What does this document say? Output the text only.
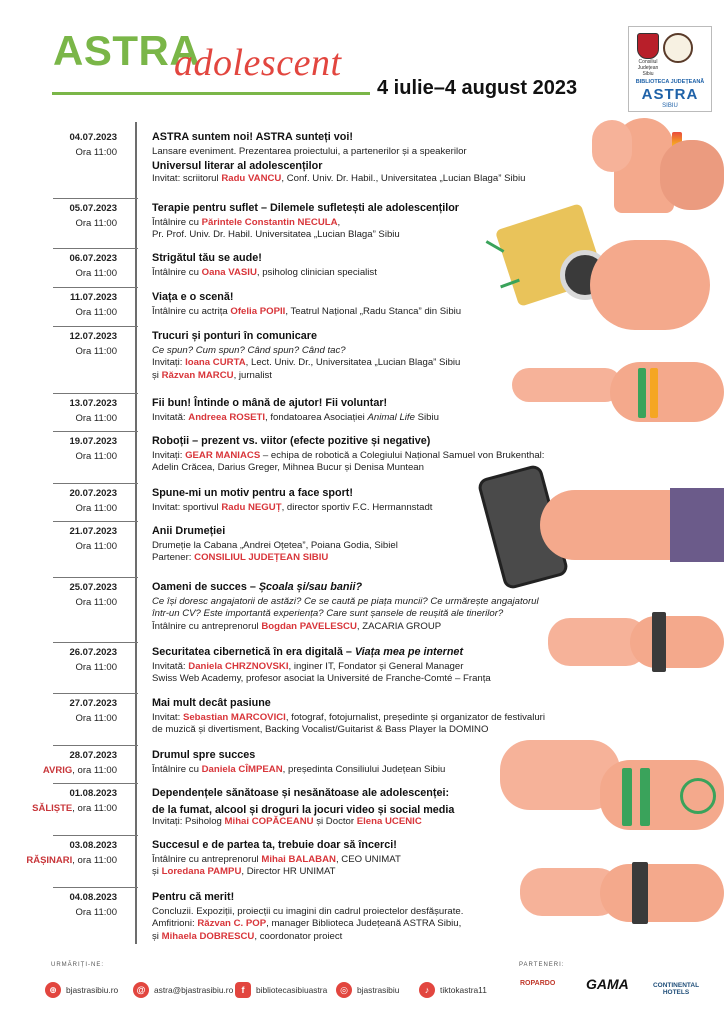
ASTRA
adolescent
4 iulie–4 august 2023
Consiliul Județean Sibiu
BIBLIOTECA JUDEȚEANĂ
ASTRA
SIBIU
04.07.2023
Ora 11:00
ASTRA suntem noi! ASTRA sunteți voi!
Lansare eveniment. Prezentarea proiectului, a partenerilor și a speakerilor
Universul literar al adolescenților
Invitat: scriitorul Radu VANCU, Conf. Univ. Dr. Habil., Universitatea „Lucian Blaga” Sibiu
05.07.2023
Ora 11:00
Terapie pentru suflet – Dilemele sufletești ale adolescenților
Întâlnire cu Părintele Constantin NECULA,
Pr. Prof. Univ. Dr. Habil. Universitatea „Lucian Blaga” Sibiu
06.07.2023
Ora 11:00
Strigătul tău se aude!
Întâlnire cu Oana VASIU, psiholog clinician specialist
11.07.2023
Ora 11:00
Viața e o scenă!
Întâlnire cu actrița Ofelia POPII, Teatrul Național „Radu Stanca” din Sibiu
12.07.2023
Ora 11:00
Trucuri și ponturi în comunicare
Ce spun? Cum spun? Când spun? Când tac?
Invitați: Ioana CURTA, Lect. Univ. Dr., Universitatea „Lucian Blaga” Sibiu
și Răzvan MARCU, jurnalist
13.07.2023
Ora 11:00
Fii bun! Întinde o mână de ajutor! Fii voluntar!
Invitată: Andreea ROSETI, fondatoarea Asociației Animal Life Sibiu
19.07.2023
Ora 11:00
Roboții – prezent vs. viitor (efecte pozitive și negative)
Invitați: GEAR MANIACS – echipa de robotică a Colegiului Național Samuel von Brukenthal:
Adelin Crăcea, Darius Greger, Mihnea Bucur și Denisa Muntean
20.07.2023
Ora 11:00
Spune-mi un motiv pentru a face sport!
Invitat: sportivul Radu NEGUȚ, director sportiv F.C. Hermannstadt
21.07.2023
Ora 11:00
Anii Drumeției
Drumeție la Cabana „Andrei Oțetea”, Poiana Godia, Sibiel
Partener: CONSILIUL JUDEȚEAN SIBIU
25.07.2023
Ora 11:00
Oameni de succes – Școala și/sau banii?
Ce își doresc angajatorii de astăzi? Ce se caută pe piața muncii? Ce urmărește angajatorul
într-un CV? Este importantă experiența? Care sunt șansele de reușită ale tinerilor?
Întâlnire cu antreprenorul Bogdan PAVELESCU, ZACARIA GROUP
26.07.2023
Ora 11:00
Securitatea cibernetică în era digitală – Viața mea pe internet
Invitată: Daniela CHRZNOVSKI, inginer IT, Fondator și General Manager
Swiss Web Academy, profesor asociat la Université de Franche-Comté – Franța
27.07.2023
Ora 11:00
Mai mult decât pasiune
Invitat: Sebastian MARCOVICI, fotograf, fotojurnalist, președinte și organizator de festivaluri
de muzică și divertisment, Backing Vocalist/Guitarist & Bass Player la DOMINO
28.07.2023
AVRIG, ora 11:00
Drumul spre succes
Întâlnire cu Daniela CÎMPEAN, președinta Consiliului Județean Sibiu
01.08.2023
SĂLIȘTE, ora 11:00
Dependențele sănătoase și nesănătoase ale adolescenței:
de la fumat, alcool și droguri la jocuri video și social media
Invitați: Psiholog Mihai COPĂCEANU și Doctor Elena UCENIC
03.08.2023
RĂȘINARI, ora 11:00
Succesul e de partea ta, trebuie doar să încerci!
Întâlnire cu antreprenorul Mihai BALABAN, CEO UNIMAT
și Loredana PAMPU, Director HR UNIMAT
04.08.2023
Ora 11:00
Pentru că merit!
Concluzii. Expoziții, proiecții cu imagini din cadrul proiectelor desfășurate.
Amfitrioni: Răzvan C. POP, manager Biblioteca Județeană ASTRA Sibiu,
și Mihaela DOBRESCU, coordonator proiect
URMĂRIȚI-NE:	PARTENERI:
⊕	bjastrasibiu.ro	@	astra@bjastrasibiu.ro f	bibliotecasibiuastra	◎	bjastrasibiu	♪	tiktokastra11
ROPARDO GAMA	CONTINENTAL HOTELS
